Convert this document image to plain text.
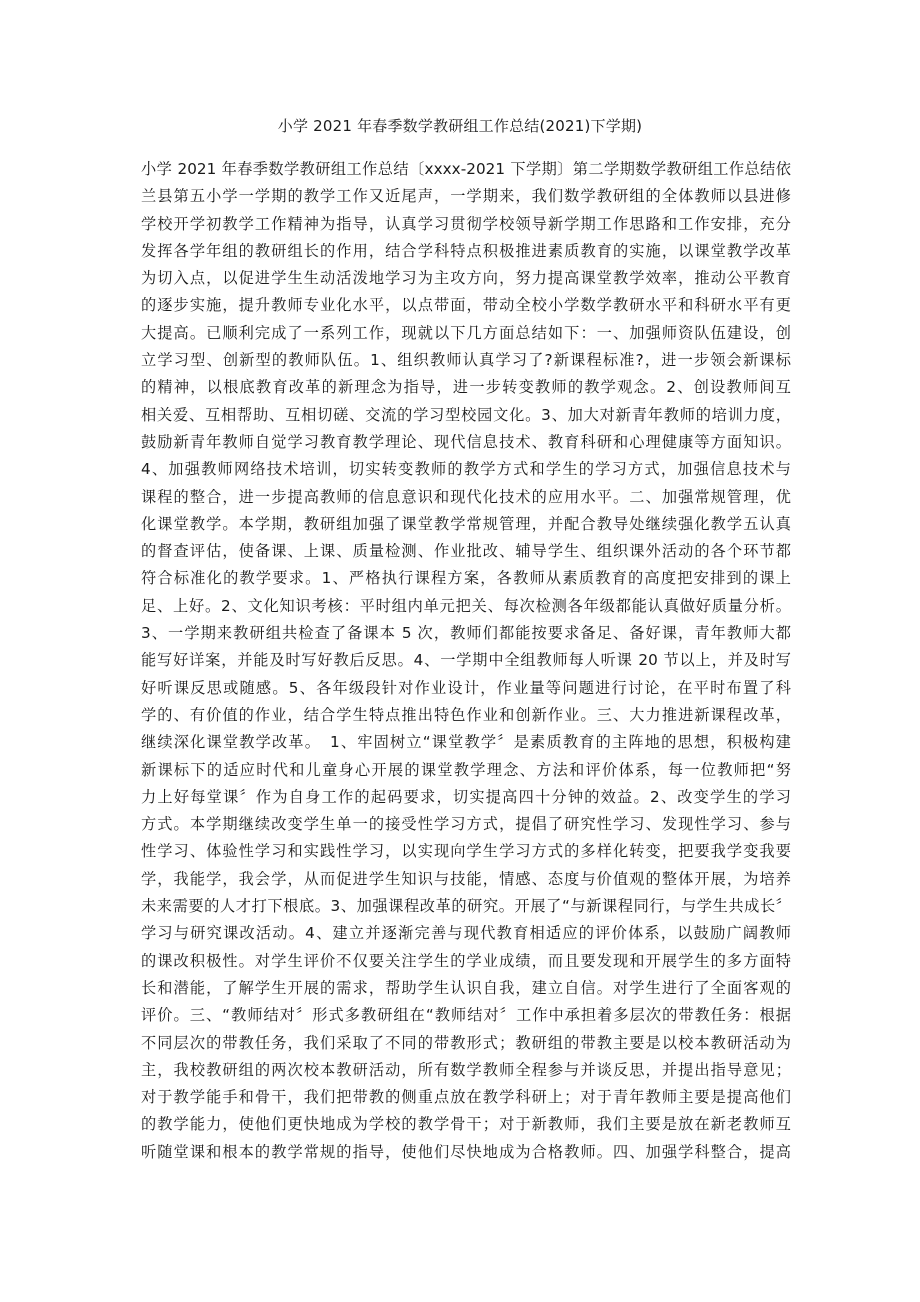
小学 2021 年春季数学教研组工作总结(2021)下学期)
小学 2021 年春季数学教研组工作总结〔xxxx-2021 下学期〕第二学期数学教研组工作总结依
兰县第五小学一学期的教学工作又近尾声，一学期来，我们数学教研组的全体教师以县进修
学校开学初教学工作精神为指导，认真学习贯彻学校领导新学期工作思路和工作安排，充分
发挥各学年组的教研组长的作用，结合学科特点积极推进素质教育的实施，以课堂教学改革
为切入点，以促进学生生动活泼地学习为主攻方向，努力提高课堂教学效率，推动公平教育
的逐步实施，提升教师专业化水平，以点带面，带动全校小学数学教研水平和科研水平有更
大提高。已顺利完成了一系列工作，现就以下几方面总结如下：一、加强师资队伍建设，创
立学习型、创新型的教师队伍。1、组织教师认真学习了?新课程标准?，进一步领会新课标
的精神，以根底教育改革的新理念为指导，进一步转变教师的教学观念。2、创设教师间互
相关爱、互相帮助、互相切磋、交流的学习型校园文化。3、加大对新青年教师的培训力度，
鼓励新青年教师自觉学习教育教学理论、现代信息技术、教育科研和心理健康等方面知识。
4、加强教师网络技术培训，切实转变教师的教学方式和学生的学习方式，加强信息技术与
课程的整合，进一步提高教师的信息意识和现代化技术的应用水平。二、加强常规管理，优
化课堂教学。本学期，教研组加强了课堂教学常规管理，并配合教导处继续强化教学五认真
的督查评估，使备课、上课、质量检测、作业批改、辅导学生、组织课外活动的各个环节都
符合标准化的教学要求。1、严格执行课程方案，各教师从素质教育的高度把安排到的课上
足、上好。2、文化知识考核：平时组内单元把关、每次检测各年级都能认真做好质量分析。
3、一学期来教研组共检查了备课本 5 次，教师们都能按要求备足、备好课，青年教师大都
能写好详案，并能及时写好教后反思。4、一学期中全组教师每人听课 20 节以上，并及时写
好听课反思或随感。5、各年级段针对作业设计，作业量等问题进行讨论，在平时布置了科
学的、有价值的作业，结合学生特点推出特色作业和创新作业。三、大力推进新课程改革，
继续深化课堂教学改革。　1、牢固树立“课堂教学〞是素质教育的主阵地的思想，积极构建
新课标下的适应时代和儿童身心开展的课堂教学理念、方法和评价体系，每一位教师把“努
力上好每堂课〞作为自身工作的起码要求，切实提高四十分钟的效益。2、改变学生的学习
方式。本学期继续改变学生单一的接受性学习方式，提倡了研究性学习、发现性学习、参与
性学习、体验性学习和实践性学习，以实现向学生学习方式的多样化转变，把要我学变我要
学，我能学，我会学，从而促进学生知识与技能，情感、态度与价值观的整体开展，为培养
未来需要的人才打下根底。3、加强课程改革的研究。开展了“与新课程同行，与学生共成长〞
学习与研究课改活动。4、建立并逐渐完善与现代教育相适应的评价体系，以鼓励广阔教师
的课改积极性。对学生评价不仅要关注学生的学业成绩，而且要发现和开展学生的多方面特
长和潜能，了解学生开展的需求，帮助学生认识自我，建立自信。对学生进行了全面客观的
评价。三、“教师结对〞形式多教研组在“教师结对〞工作中承担着多层次的带教任务：根据
不同层次的带教任务，我们采取了不同的带教形式；教研组的带教主要是以校本教研活动为
主，我校教研组的两次校本教研活动，所有数学教师全程参与并谈反思，并提出指导意见；
对于教学能手和骨干，我们把带教的侧重点放在教学科研上；对于青年教师主要是提高他们
的教学能力，使他们更快地成为学校的教学骨干；对于新教师，我们主要是放在新老教师互
听随堂课和根本的教学常规的指导，使他们尽快地成为合格教师。四、加强学科整合，提高
